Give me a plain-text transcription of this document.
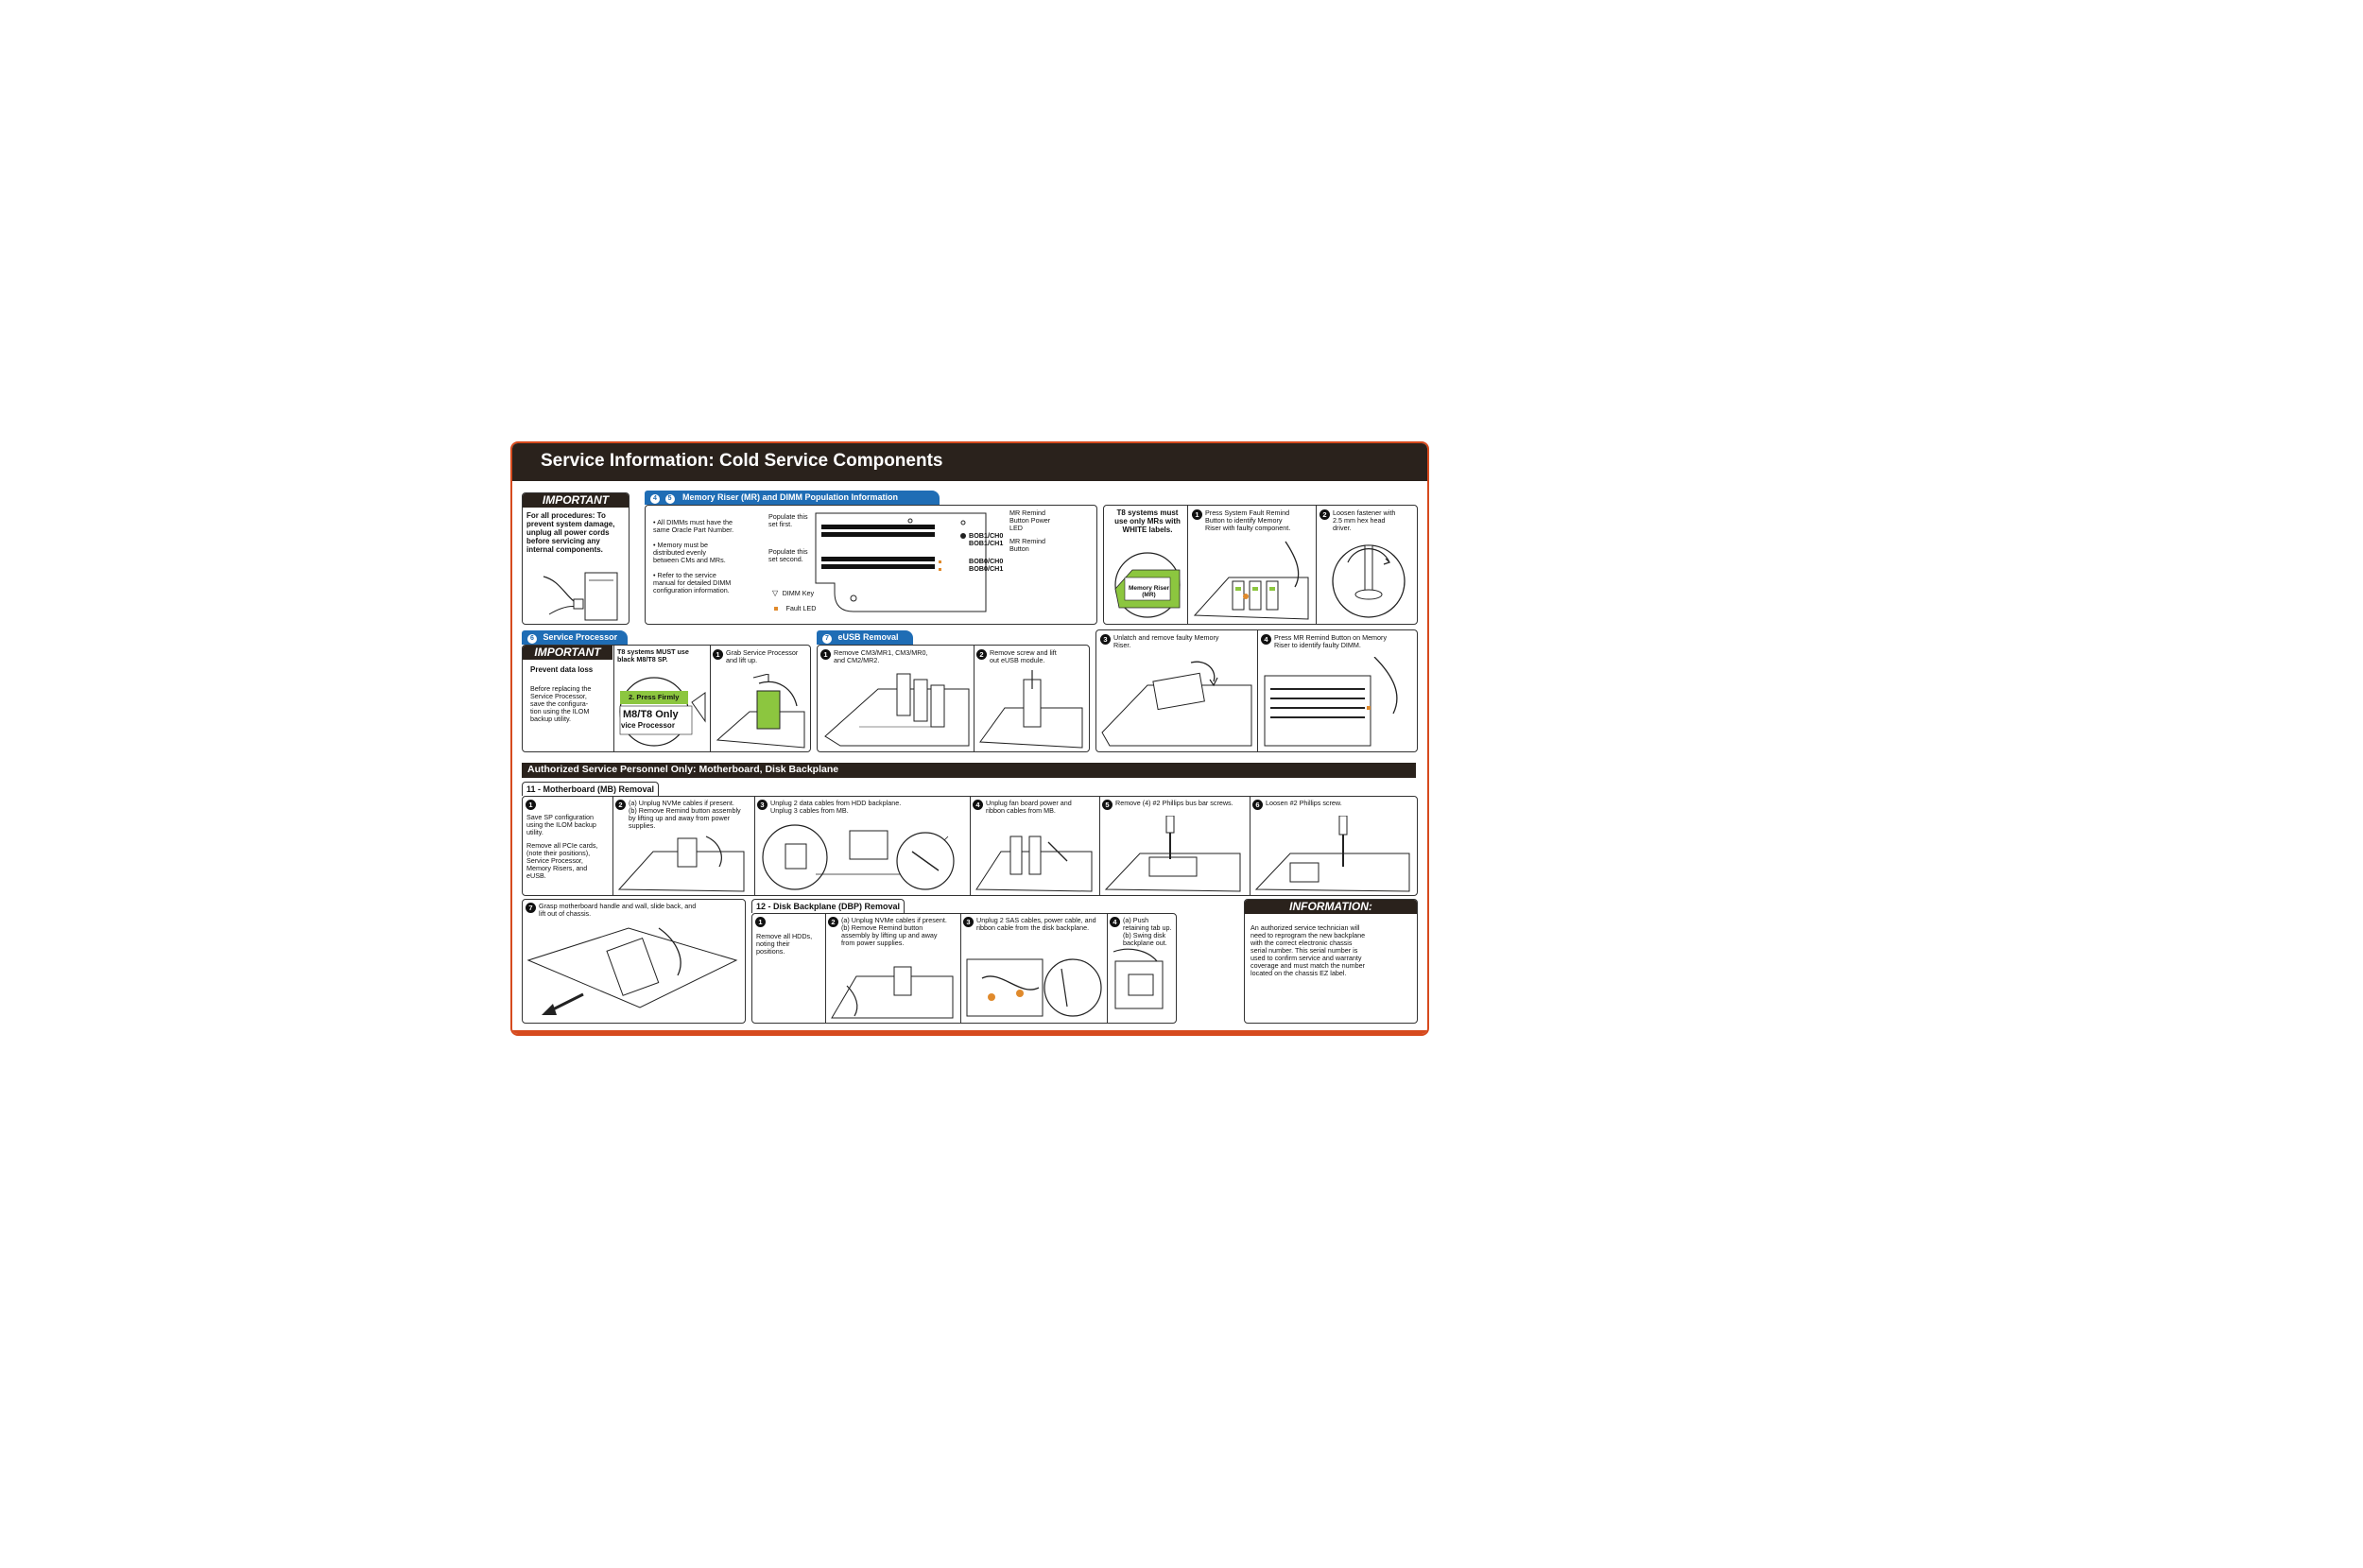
Service Information: Cold Service Components
IMPORTANT
For all procedures: To
prevent system damage,
unplug all power cords
before servicing any
internal components.
4 5 Memory Riser (MR) and DIMM Population Information
• All DIMMs must have the
same Oracle Part Number.
• Memory must be
distributed evenly
between CMs and MRs.
• Refer to the service
manual for detailed DIMM
configuration information.
Populate this
set first.
Populate this
set second.
BOB1/CH0
BOB1/CH1
BOB0/CH0
BOB0/CH1
MR Remind
Button Power
LED
MR Remind
Button
▽ DIMM Key
Fault LED
T8 systems must
use only MRs with
WHITE labels.
Memory Riser
(MR)
1 Press System Fault Remind
Button to identify Memory
Riser with faulty component.
2 Loosen fastener with
2.5 mm hex head
driver.
6 Service Processor
IMPORTANT
Prevent data loss
Before replacing the
Service Processor,
save the configura-
tion using the ILOM
backup utility.
T8 systems MUST use
black M8/T8 SP.
2. Press Firmly
M8/T8 Only
vice Processor
1 Grab Service Processor
and lift up.
7 eUSB Removal
1 Remove CM3/MR1, CM3/MR0,
and CM2/MR2.
2 Remove screw and lift
out eUSB module.
3 Unlatch and remove faulty Memory
Riser.
4 Press MR Remind Button on Memory
Riser to identify faulty DIMM.
Authorized Service Personnel Only: Motherboard, Disk Backplane
11 - Motherboard (MB) Removal
1
Save SP configuration
using the ILOM backup
utility.
Remove all PCIe cards,
(note their positions),
Service Processor,
Memory Risers, and
eUSB.
2 (a) Unplug NVMe cables if present.
(b) Remove Remind button assembly
by lifting up and away from power
supplies.
3 Unplug 2 data cables from HDD backplane.
Unplug 3 cables from MB.
4 Unplug fan board power and
ribbon cables from MB.
5 Remove (4) #2 Phillips bus bar screws.	6 Loosen #2 Phillips screw.
7 Grasp motherboard handle and wall, slide back, and
lift out of chassis.
12 - Disk Backplane (DBP) Removal
1
Remove all HDDs,
noting their
positions.
2 (a) Unplug NVMe cables if present.
(b) Remove Remind button
assembly by lifting up and away
from power supplies.
3 Unplug 2 SAS cables, power cable, and
ribbon cable from the disk backplane.
4 (a) Push retaining tab up.
(b) Swing disk backplane out.
INFORMATION:
An authorized service technician will
need to reprogram the new backplane
with the correct electronic chassis
serial number. This serial number is
used to confirm service and warranty
coverage and must match the number
located on the chassis EZ label.
